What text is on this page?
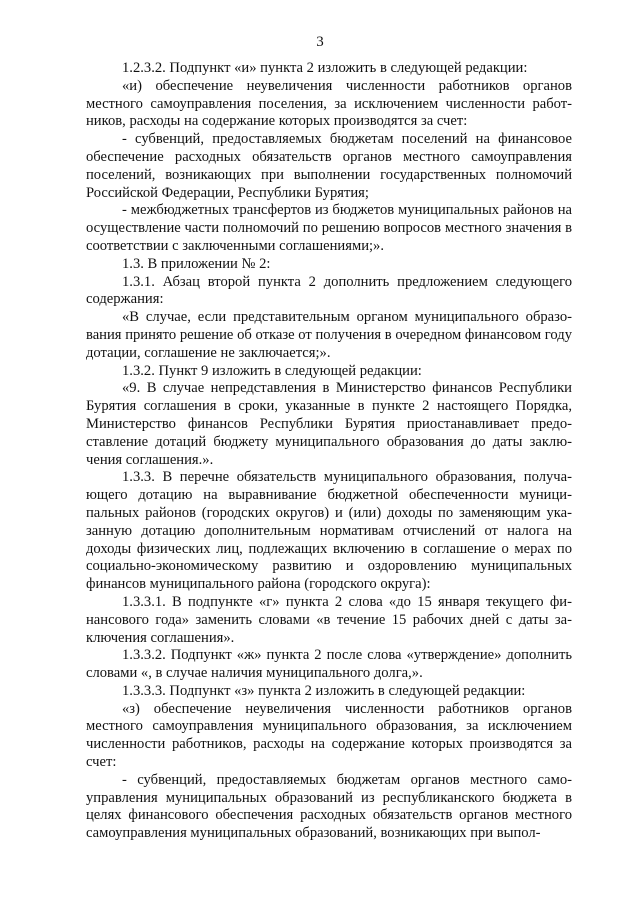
3

1.2.3.2. Подпункт «и» пункта 2 изложить в следующей редакции:

«и) обеспечение неувеличения численности работников органов местного самоуправления поселения, за исключением численности работников, расходы на содержание которых производятся за счет:

- субвенций, предоставляемых бюджетам поселений на финансовое обеспечение расходных обязательств органов местного самоуправления поселений, возникающих при выполнении государственных полномочий Российской Федерации, Республики Бурятия;

- межбюджетных трансфертов из бюджетов муниципальных районов на осуществление части полномочий по решению вопросов местного значения в соответствии с заключенными соглашениями;».

1.3. В приложении № 2:

1.3.1. Абзац второй пункта 2 дополнить предложением следующего содержания:

«В случае, если представительным органом муниципального образования принято решение об отказе от получения в очередном финансовом году дотации, соглашение не заключается;».

1.3.2. Пункт 9 изложить в следующей редакции:

«9. В случае непредставления в Министерство финансов Республики Бурятия соглашения в сроки, указанные в пункте 2 настоящего Порядка, Министерство финансов Республики Бурятия приостанавливает предоставление дотаций бюджету муниципального образования до даты заключения соглашения.».

1.3.3. В перечне обязательств муниципального образования, получающего дотацию на выравнивание бюджетной обеспеченности муниципальных районов (городских округов) и (или) доходы по заменяющим указанную дотацию дополнительным нормативам отчислений от налога на доходы физических лиц, подлежащих включению в соглашение о мерах по социально-экономическому развитию и оздоровлению муниципальных финансов муниципального района (городского округа):

1.3.3.1. В подпункте «г» пункта 2 слова «до 15 января текущего финансового года» заменить словами «в течение 15 рабочих дней с даты заключения соглашения».

1.3.3.2. Подпункт «ж» пункта 2 после слова «утверждение» дополнить словами «, в случае наличия муниципального долга,».

1.3.3.3. Подпункт «з» пункта 2 изложить в следующей редакции:

«з) обеспечение неувеличения численности работников органов местного самоуправления муниципального образования, за исключением численности работников, расходы на содержание которых производятся за счет:

- субвенций, предоставляемых бюджетам органов местного самоуправления муниципальных образований из республиканского бюджета в целях финансового обеспечения расходных обязательств органов местного самоуправления муниципальных образований, возникающих при выпол-
